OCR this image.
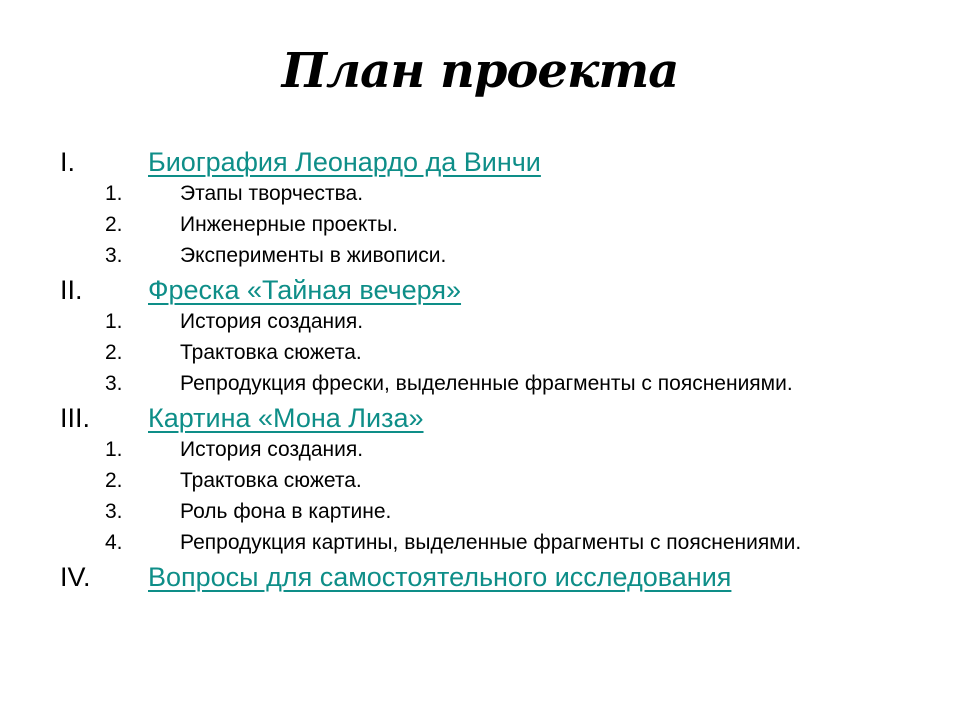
План проекта
I.	Биография Леонардо да Винчи
1.	Этапы творчества.
2.	Инженерные проекты.
3.	Эксперименты в живописи.
II.	Фреска «Тайная вечеря»
1.	История создания.
2.	Трактовка сюжета.
3.	Репродукция фрески, выделенные фрагменты с пояснениями.
III.	Картина «Мона Лиза»
1.	История создания.
2.	Трактовка сюжета.
3.	Роль фона в картине.
4.	Репродукция картины, выделенные фрагменты с пояснениями.
IV.	Вопросы для самостоятельного исследования
